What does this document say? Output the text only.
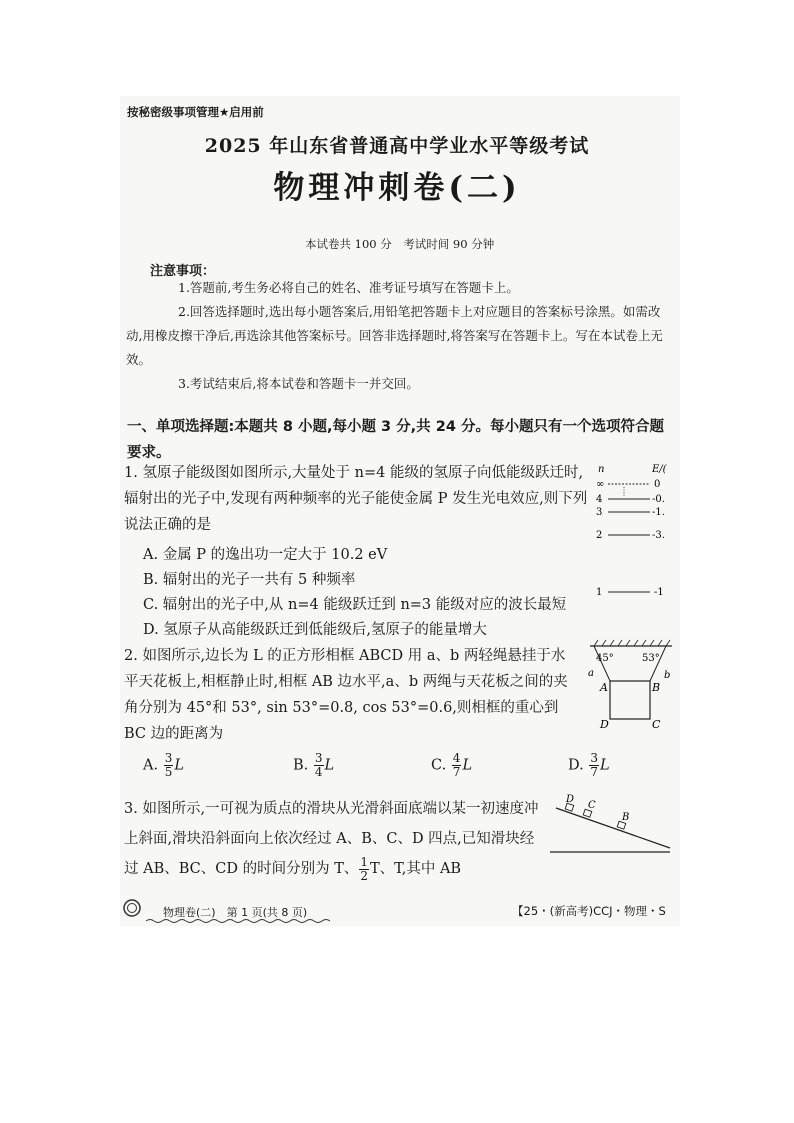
按秘密级事项管理★启用前
2025 年山东省普通高中学业水平等级考试
物理冲刺卷(二)
本试卷共 100 分　考试时间 90 分钟
注意事项：
1.答题前,考生务必将自己的姓名、准考证号填写在答题卡上。
2.回答选择题时,选出每小题答案后,用铅笔把答题卡上对应题目的答案标号涂黑。如需改动,用橡皮擦干净后,再选涂其他答案标号。回答非选择题时,将答案写在答题卡上。写在本试卷上无效。
3.考试结束后,将本试卷和答题卡一并交回。
一、单项选择题:本题共 8 小题,每小题 3 分,共 24 分。每小题只有一个选项符合题要求。
1. 氢原子能级图如图所示,大量处于 n=4 能级的氢原子向低能级跃迁时,辐射出的光子中,发现有两种频率的光子能使金属 P 发生光电效应,则下列说法正确的是
A. 金属 P 的逸出功一定大于 10.2 eV
B. 辐射出的光子一共有 5 种频率
C. 辐射出的光子中,从 n=4 能级跃迁到 n=3 能级对应的波长最短
D. 氢原子从高能级跃迁到低能级后,氢原子的能量增大
n	E/(
∞	0
4	-0.
3	-1.
2	-3.
1	-1
2. 如图所示,边长为 L 的正方形相框 ABCD 用 a、b 两轻绳悬挂于水平天花板上,相框静止时,相框 AB 边水平,a、b 两绳与天花板之间的夹角分别为 45°和 53°, sin 53°=0.8, cos 53°=0.6,则相框的重心到 BC 边的距离为
A. $\frac{3}{5}$ L	B. $\frac{3}{4}$ L	C. $\frac{4}{7}$ L	D. $\frac{3}{7}$ L
45°	53°
a	b
A	B
C
D
3. 如图所示,一可视为质点的滑块从光滑斜面底端以某一初速度冲上斜面,滑块沿斜面向上依次经过 A、B、C、D 四点,已知滑块经过 AB、BC、CD 的时间分别为 T、 $\frac{1}{2}$ T、T,其中 AB
D
C
B
物理卷(二)　第 1 页(共 8 页)	【25・(新高考)CCJ・物理・S
